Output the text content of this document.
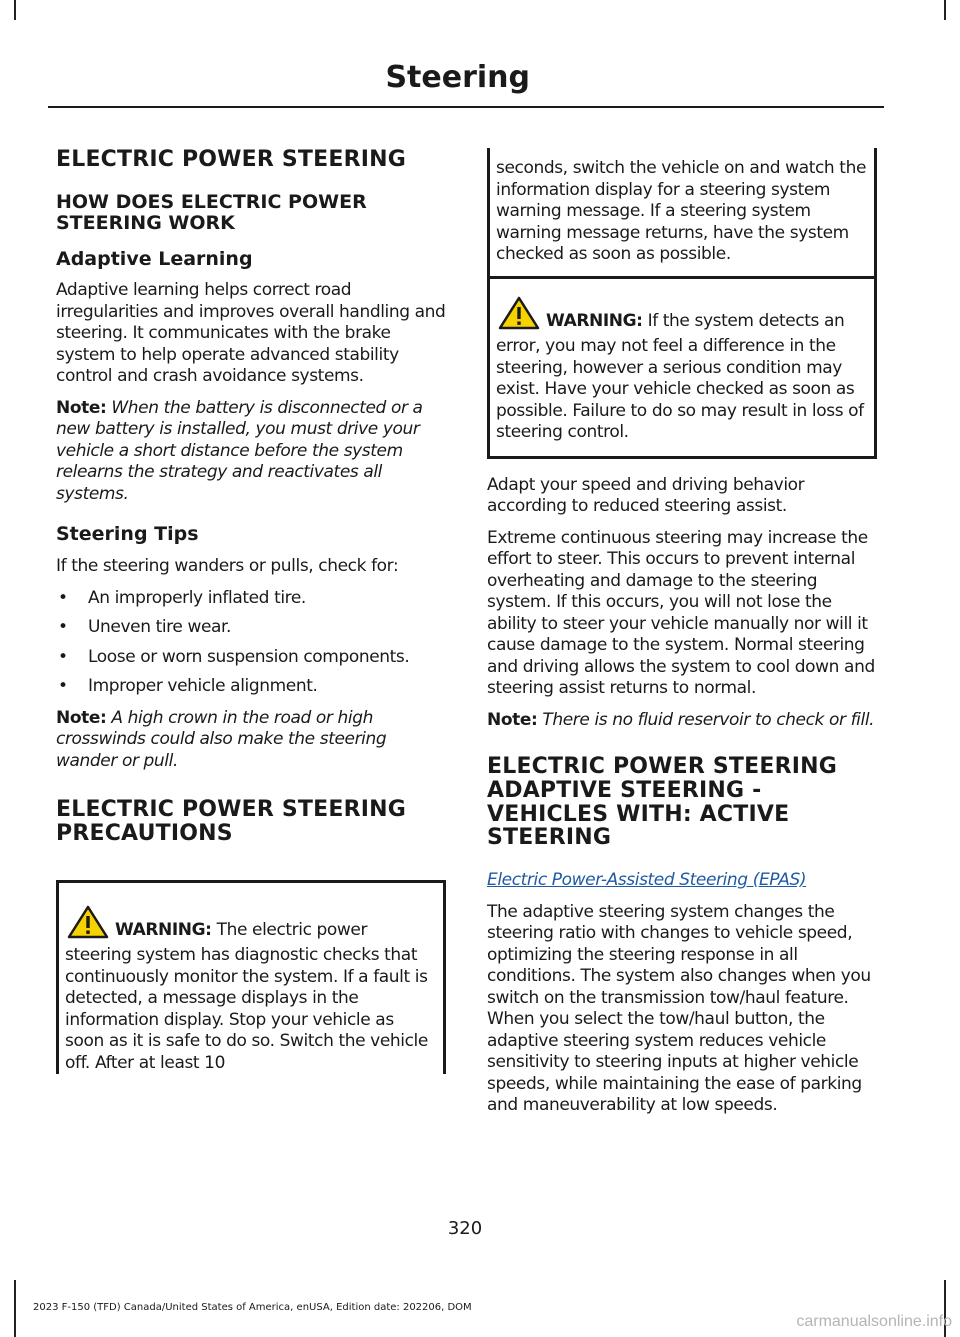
Steering
ELECTRIC POWER STEERING
HOW DOES ELECTRIC POWER STEERING WORK
Adaptive Learning

Adaptive learning helps correct road irregularities and improves overall handling and steering. It communicates with the brake system to help operate advanced stability control and crash avoidance systems.

Note: When the battery is disconnected or a new battery is installed, you must drive your vehicle a short distance before the system relearns the strategy and reactivates all systems.

Steering Tips

If the steering wanders or pulls, check for:

• An improperly inflated tire.
• Uneven tire wear.
• Loose or worn suspension components.
• Improper vehicle alignment.

Note: A high crown in the road or high crosswinds could also make the steering wander or pull.

ELECTRIC POWER STEERING PRECAUTIONS

WARNING: The electric power steering system has diagnostic checks that continuously monitor the system. If a fault is detected, a message displays in the information display. Stop your vehicle as soon as it is safe to do so. Switch the vehicle off. After at least 10

seconds, switch the vehicle on and watch the information display for a steering system warning message. If a steering system warning message returns, have the system checked as soon as possible.

WARNING: If the system detects an error, you may not feel a difference in the steering, however a serious condition may exist. Have your vehicle checked as soon as possible. Failure to do so may result in loss of steering control.

Adapt your speed and driving behavior according to reduced steering assist.

Extreme continuous steering may increase the effort to steer. This occurs to prevent internal overheating and damage to the steering system. If this occurs, you will not lose the ability to steer your vehicle manually nor will it cause damage to the system. Normal steering and driving allows the system to cool down and steering assist returns to normal.

Note: There is no fluid reservoir to check or fill.

ELECTRIC POWER STEERING ADAPTIVE STEERING - VEHICLES WITH: ACTIVE STEERING

Electric Power-Assisted Steering (EPAS)

The adaptive steering system changes the steering ratio with changes to vehicle speed, optimizing the steering response in all conditions. The system also changes when you switch on the transmission tow/haul feature. When you select the tow/haul button, the adaptive steering system reduces vehicle sensitivity to steering inputs at higher vehicle speeds, while maintaining the ease of parking and maneuverability at low speeds.

320
2023 F-150 (TFD) Canada/United States of America, enUSA, Edition date: 202206, DOM
carmanualsonline.info
